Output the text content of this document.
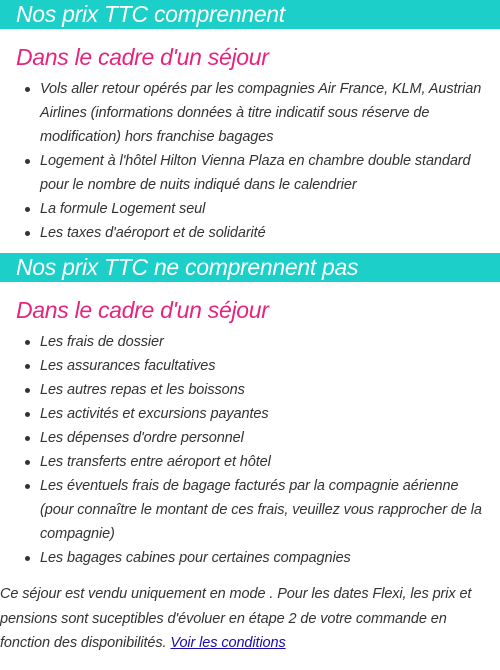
Nos prix TTC comprennent
Dans le cadre d'un séjour
Vols aller retour opérés par les compagnies Air France, KLM, Austrian Airlines (informations données à titre indicatif sous réserve de modification) hors franchise bagages
Logement à l'hôtel Hilton Vienna Plaza en chambre double standard pour le nombre de nuits indiqué dans le calendrier
La formule Logement seul
Les taxes d'aéroport et de solidarité
Nos prix TTC ne comprennent pas
Dans le cadre d'un séjour
Les frais de dossier
Les assurances facultatives
Les autres repas et les boissons
Les activités et excursions payantes
Les dépenses d'ordre personnel
Les transferts entre aéroport et hôtel
Les éventuels frais de bagage facturés par la compagnie aérienne (pour connaître le montant de ces frais, veuillez vous rapprocher de la compagnie)
Les bagages cabines pour certaines compagnies

Ce séjour est vendu uniquement en mode . Pour les dates Flexi, les prix et pensions sont suceptibles d'évoluer en étape 2 de votre commande en fonction des disponibilités. Voir les conditions
